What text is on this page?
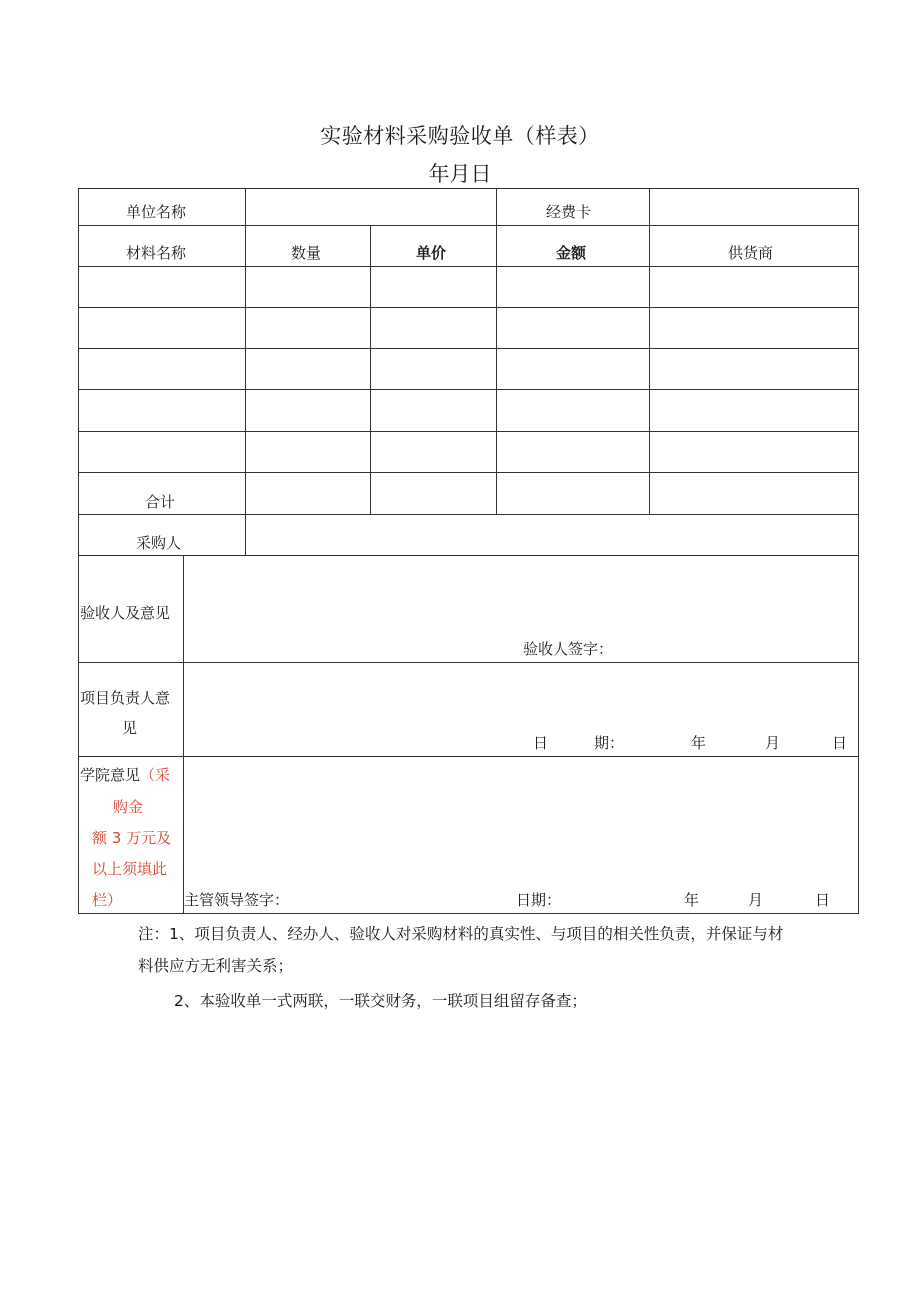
实验材料采购验收单（样表）
年月日
单位名称	经费卡
材料名称	数量	单价	金额	供货商
合计
采购人
验收人及意见
验收人签字：
项目负责人意
见
日	期：	年	月	日
学院意见（采
购金
额 3 万元及
以上须填此
栏）	主管领导签字：	日期：	年	月	日
注：1、项目负责人、经办人、验收人对采购材料的真实性、与项目的相关性负责，并保证与材
料供应方无利害关系；
2、本验收单一式两联，一联交财务，一联项目组留存备查；
